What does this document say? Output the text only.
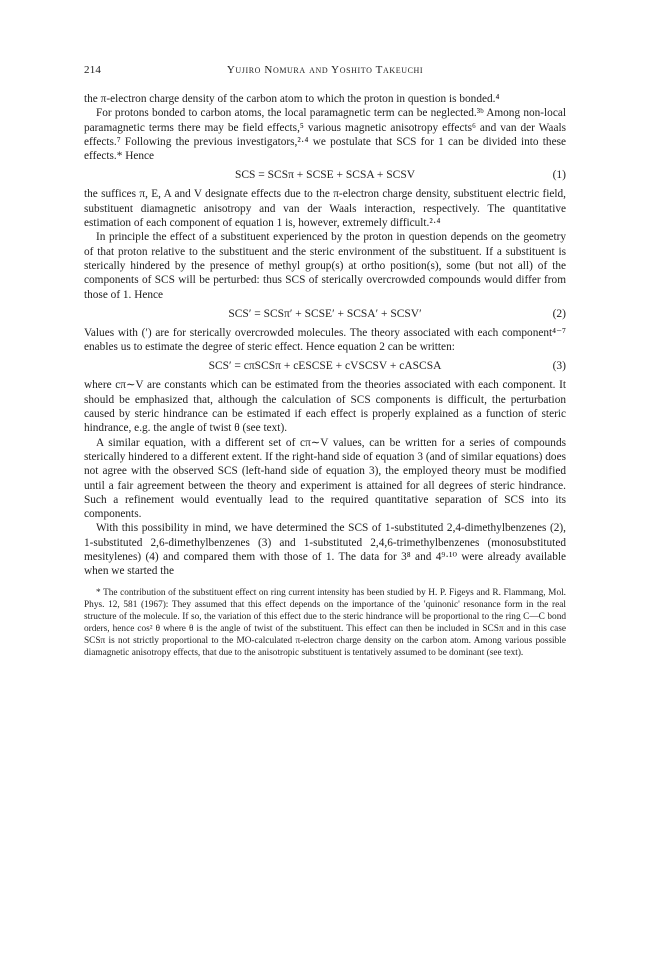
214	Yujiro Nomura and Yoshito Takeuchi

the π-electron charge density of the carbon atom to which the proton in question is bonded.⁴

For protons bonded to carbon atoms, the local paramagnetic term can be neglected.³ᵇ Among non-local paramagnetic terms there may be field effects,⁵ various magnetic anisotropy effects⁶ and van der Waals effects.⁷ Following the previous investigators,²·⁴ we postulate that SCS for 1 can be divided into these effects.* Hence

SCS = SCSπ + SCSE + SCSA + SCSV	(1)

the suffices π, E, A and V designate effects due to the π-electron charge density, substituent electric field, substituent diamagnetic anisotropy and van der Waals interaction, respectively. The quantitative estimation of each component of equation 1 is, however, extremely difficult.²·⁴

In principle the effect of a substituent experienced by the proton in question depends on the geometry of that proton relative to the substituent and the steric environment of the substituent. If a substituent is sterically hindered by the presence of methyl group(s) at ortho position(s), some (but not all) of the components of SCS will be perturbed: thus SCS of sterically overcrowded compounds would differ from those of 1. Hence

SCS′ = SCSπ′ + SCSE′ + SCSA′ + SCSV′	(2)

Values with (′) are for sterically overcrowded molecules. The theory associated with each component⁴⁻⁷ enables us to estimate the degree of steric effect. Hence equation 2 can be written:

SCS′ = cπSCSπ + cESCSE + cVSCSV + cASCSA	(3)

where cπ∼V are constants which can be estimated from the theories associated with each component. It should be emphasized that, although the calculation of SCS components is difficult, the perturbation caused by steric hindrance can be estimated if each effect is properly explained as a function of steric hindrance, e.g. the angle of twist θ (see text).

A similar equation, with a different set of cπ∼V values, can be written for a series of compounds sterically hindered to a different extent. If the right-hand side of equation 3 (and of similar equations) does not agree with the observed SCS (left-hand side of equation 3), the employed theory must be modified until a fair agreement between the theory and experiment is attained for all degrees of steric hindrance. Such a refinement would eventually lead to the required quantitative separation of SCS into its components.

With this possibility in mind, we have determined the SCS of 1-substituted 2,4-dimethylbenzenes (2), 1-substituted 2,6-dimethylbenzenes (3) and 1-substituted 2,4,6-trimethylbenzenes (monosubstituted mesitylenes) (4) and compared them with those of 1. The data for 3⁸ and 4⁹·¹⁰ were already available when we started the

* The contribution of the substituent effect on ring current intensity has been studied by H. P. Figeys and R. Flammang, Mol. Phys. 12, 581 (1967): They assumed that this effect depends on the importance of the 'quinonic' resonance form in the real structure of the molecule. If so, the variation of this effect due to the steric hindrance will be proportional to the ring C—C bond orders, hence cos² θ where θ is the angle of twist of the substituent. This effect can then be included in SCSπ and in this case SCSπ is not strictly proportional to the MO-calculated π-electron charge density on the carbon atom. Among various possible diamagnetic anisotropy effects, that due to the anisotropic substituent is tentatively assumed to be dominant (see text).
